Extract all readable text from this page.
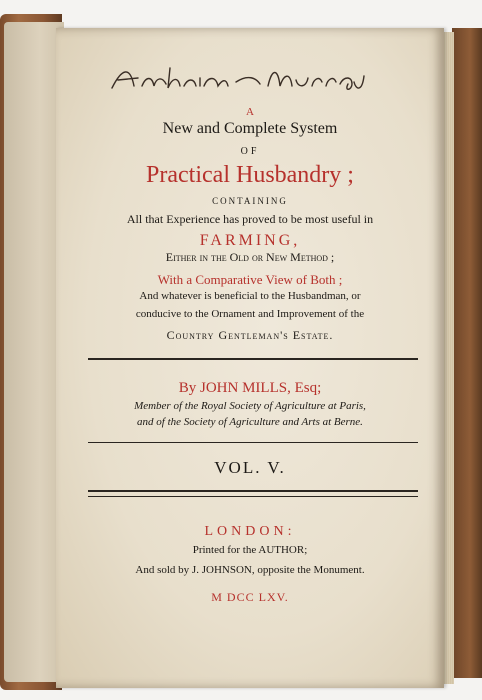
A
New and Complete System
OF
Practical Husbandry ;
CONTAINING
All that Experience has proved to be most useful in
FARMING,
Either in the Old or New Method ;
With a Comparative View of Both ;
And whatever is beneficial to the Husbandman, or
conducive to the Ornament and Improvement of the
Country Gentleman's Estate.
By JOHN MILLS, Esq;
Member of the Royal Society of Agriculture at Paris,
and of the Society of Agriculture and Arts at Berne.
VOL. V.
LONDON:
Printed for the AUTHOR;
And sold by J. JOHNSON, opposite the Monument.
M DCC LXV.
